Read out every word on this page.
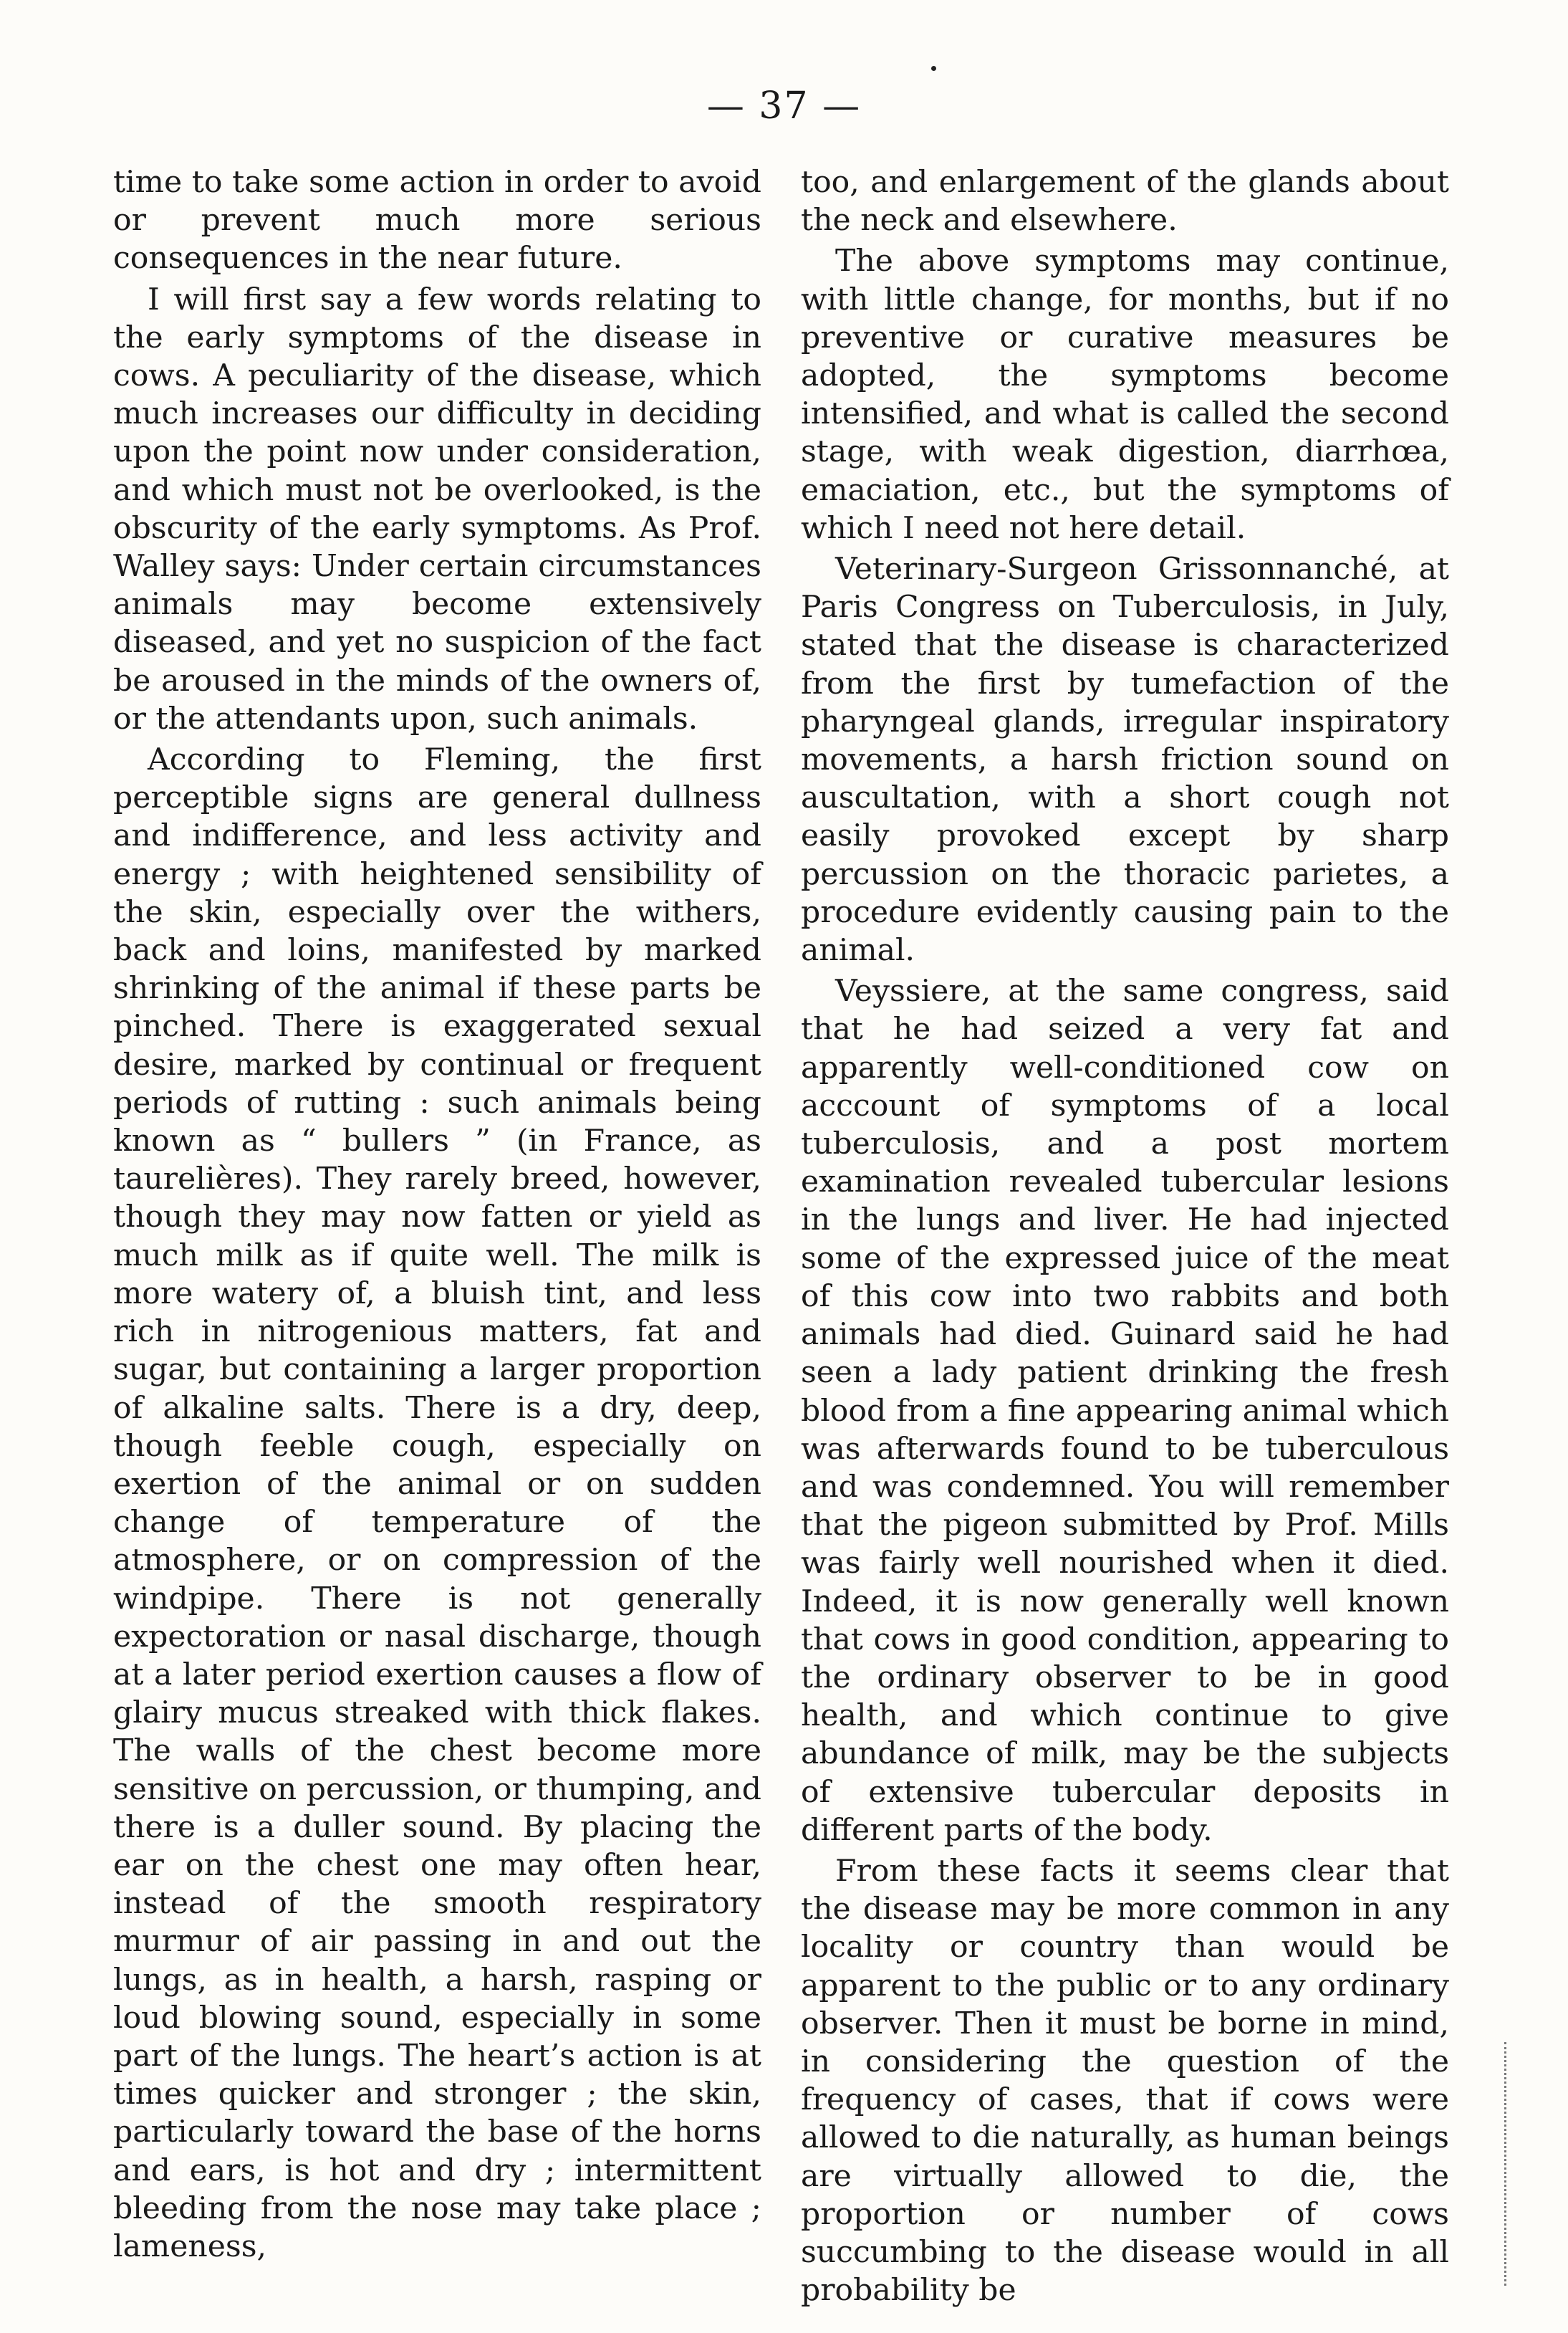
— 37 —

time to take some action in order to avoid or prevent much more serious consequences in the near future.

I will first say a few words relating to the early symptoms of the disease in cows. A peculiarity of the disease, which much increases our difficulty in deciding upon the point now under consideration, and which must not be overlooked, is the obscurity of the early symptoms. As Prof. Walley says: Under certain circumstances animals may become extensively diseased, and yet no suspicion of the fact be aroused in the minds of the owners of, or the attendants upon, such animals.

According to Fleming, the first perceptible signs are general dullness and indifference, and less activity and energy ; with heightened sensibility of the skin, especially over the withers, back and loins, manifested by marked shrinking of the animal if these parts be pinched. There is exaggerated sexual desire, marked by continual or frequent periods of rutting : such animals being known as “ bullers ” (in France, as taurelières). They rarely breed, however, though they may now fatten or yield as much milk as if quite well. The milk is more watery of, a bluish tint, and less rich in nitrogenious matters, fat and sugar, but containing a larger proportion of alkaline salts. There is a dry, deep, though feeble cough, especially on exertion of the animal or on sudden change of temperature of the atmosphere, or on compression of the windpipe. There is not generally expectoration or nasal discharge, though at a later period exertion causes a flow of glairy mucus streaked with thick flakes. The walls of the chest become more sensitive on percussion, or thumping, and there is a duller sound. By placing the ear on the chest one may often hear, instead of the smooth respiratory murmur of air passing in and out the lungs, as in health, a harsh, rasping or loud blowing sound, especially in some part of the lungs. The heart’s action is at times quicker and stronger ; the skin, particularly toward the base of the horns and ears, is hot and dry ; intermittent bleeding from the nose may take place ; lameness,

too, and enlargement of the glands about the neck and elsewhere.

The above symptoms may continue, with little change, for months, but if no preventive or curative measures be adopted, the symptoms become intensified, and what is called the second stage, with weak digestion, diarrhœa, emaciation, etc., but the symptoms of which I need not here detail.

Veterinary-Surgeon Grissonnanché, at Paris Congress on Tuberculosis, in July, stated that the disease is characterized from the first by tumefaction of the pharyngeal glands, irregular inspiratory movements, a harsh friction sound on auscultation, with a short cough not easily provoked except by sharp percussion on the thoracic parietes, a procedure evidently causing pain to the animal.

Veyssiere, at the same congress, said that he had seized a very fat and apparently well-conditioned cow on acccount of symptoms of a local tuberculosis, and a post mortem examination revealed tubercular lesions in the lungs and liver. He had injected some of the expressed juice of the meat of this cow into two rabbits and both animals had died. Guinard said he had seen a lady patient drinking the fresh blood from a fine appearing animal which was afterwards found to be tuberculous and was condemned. You will remember that the pigeon submitted by Prof. Mills was fairly well nourished when it died. Indeed, it is now generally well known that cows in good condition, appearing to the ordinary observer to be in good health, and which continue to give abundance of milk, may be the subjects of extensive tubercular deposits in different parts of the body.

From these facts it seems clear that the disease may be more common in any locality or country than would be apparent to the public or to any ordinary observer. Then it must be borne in mind, in considering the question of the frequency of cases, that if cows were allowed to die naturally, as human beings are virtually allowed to die, the proportion or number of cows succumbing to the disease would in all probability be
